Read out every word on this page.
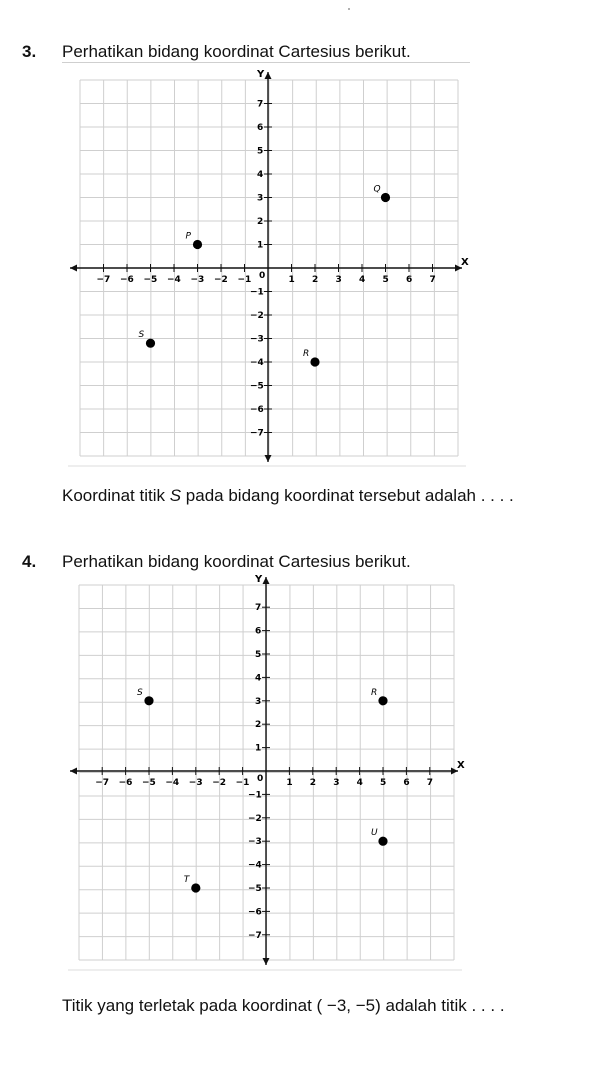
3. Perhatikan bidang koordinat Cartesius berikut.
X
Y
0
−7 −6 −5 −4 −3 −2 −1	1 2 3 4 5 6 7
7
6
5
4
3
2
1
−1
−2
−3
−4
−5
−6
−7
P
Q
R
S
Koordinat titik S pada bidang koordinat tersebut adalah . . . .
4. Perhatikan bidang koordinat Cartesius berikut.
X
Y
0
−7 −6 −5 −4 −3 −2 −1	1 2 3 4 5 6 7
7
6
5
4
3
2
1
−1
−2
−3
−4
−5
−6
−7
S	R
U
T
Titik yang terletak pada koordinat ( −3, −5) adalah titik . . . .
